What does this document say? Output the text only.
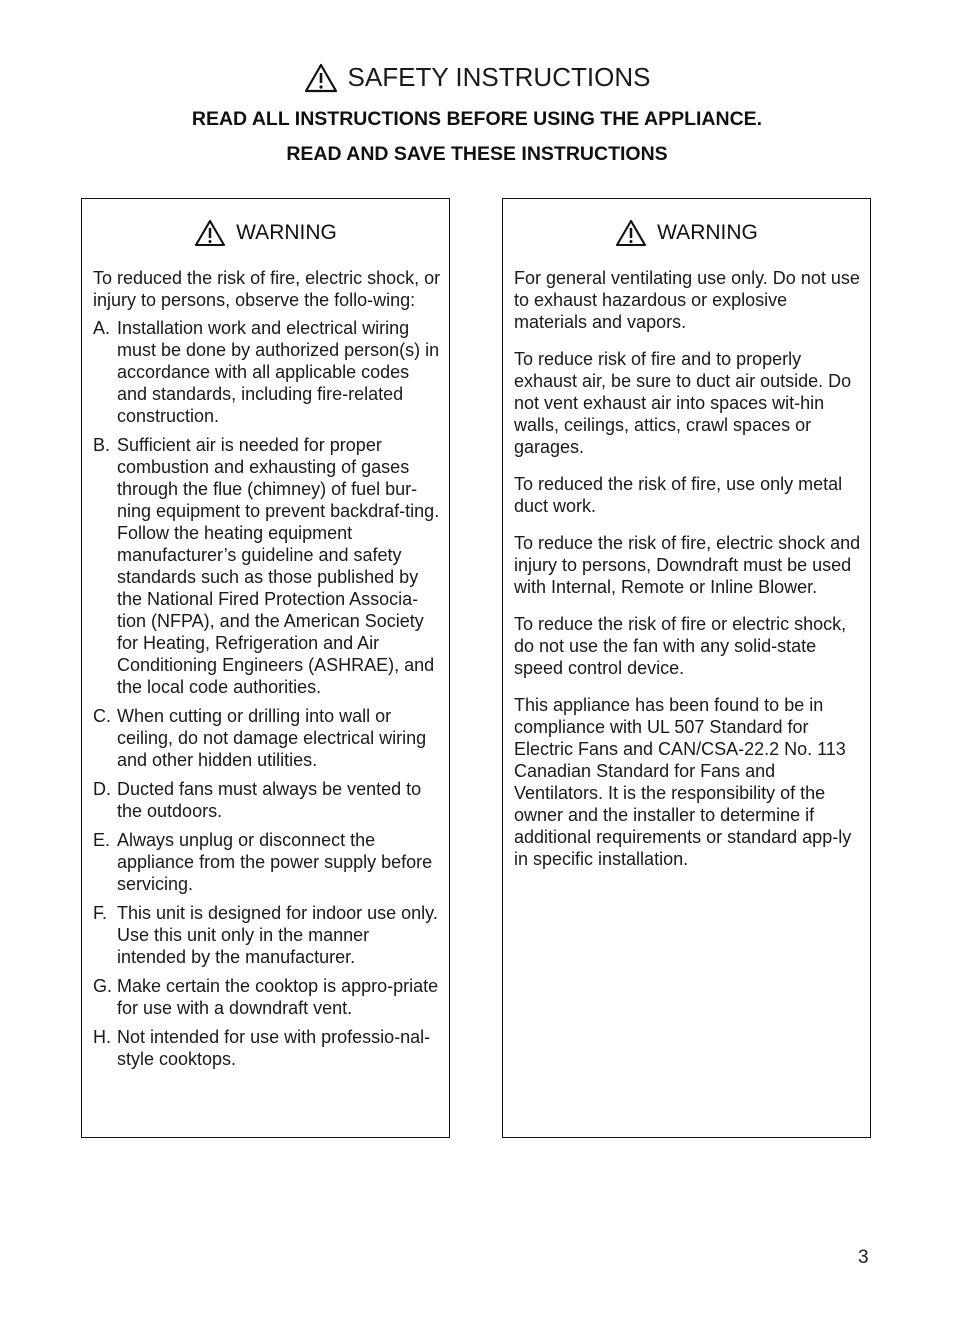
SAFETY INSTRUCTIONS
READ ALL INSTRUCTIONS BEFORE USING THE APPLIANCE.
READ AND SAVE THESE INSTRUCTIONS
WARNING

To reduced the risk of fire, electric shock, or injury to persons, observe the follo-wing:

A. Installation work and electrical wiring must be done by authorized person(s) in accordance with all applicable codes and standards, including fire-related construction.
B. Sufficient air is needed for proper combustion and exhausting of gases through the flue (chimney) of fuel bur-ning equipment to prevent backdraf-ting. Follow the heating equipment manufacturer’s guideline and safety standards such as those published by the National Fired Protection Associa-tion (NFPA), and the American Society for Heating, Refrigeration and Air Conditioning Engineers (ASHRAE), and the local code authorities.
C. When cutting or drilling into wall or ceiling, do not damage electrical wiring and other hidden utilities.
D. Ducted fans must always be vented to the outdoors.
E. Always unplug or disconnect the appliance from the power supply before servicing.
F. This unit is designed for indoor use only. Use this unit only in the manner intended by the manufacturer.
G. Make certain the cooktop is appro-priate for use with a downdraft vent.
H. Not intended for use with professio-nal-style cooktops.
WARNING

For general ventilating use only. Do not use to exhaust hazardous or explosive materials and vapors.

To reduce risk of fire and to properly exhaust air, be sure to duct air outside. Do not vent exhaust air into spaces wit-hin walls, ceilings, attics, crawl spaces or garages.

To reduced the risk of fire, use only metal duct work.

To reduce the risk of fire, electric shock and injury to persons, Downdraft must be used with Internal, Remote or Inline Blower.

To reduce the risk of fire or electric shock, do not use the fan with any solid-state speed control device.

This appliance has been found to be in compliance with UL 507 Standard for Electric Fans and CAN/CSA-22.2 No. 113 Canadian Standard for Fans and Ventilators. It is the responsibility of the owner and the installer to determine if additional requirements or standard app-ly in specific installation.

3
